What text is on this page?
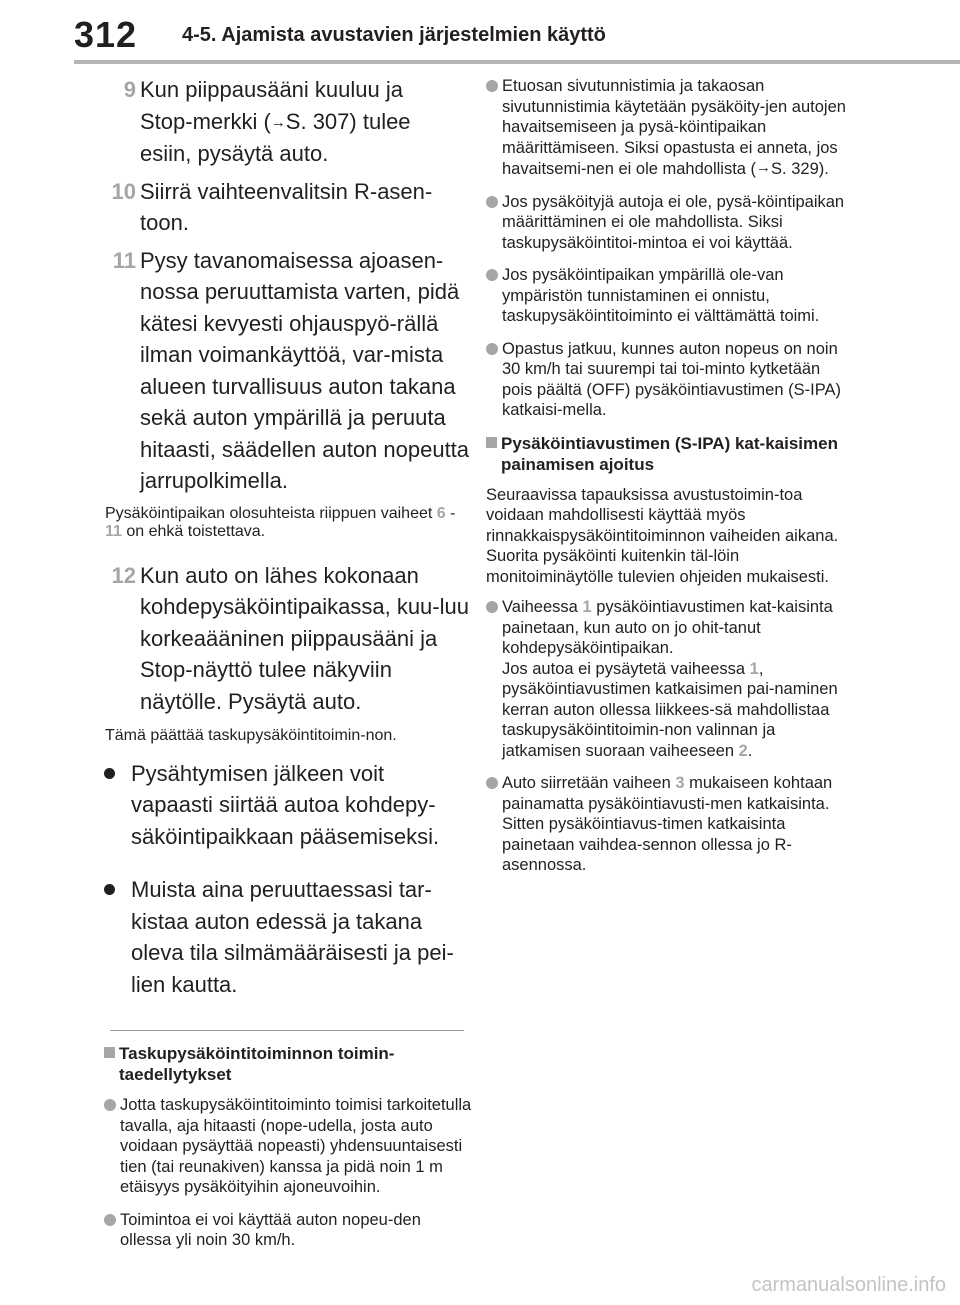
312 4-5. Ajamista avustavien järjestelmien käyttö
9 Kun piippausääni kuuluu ja
Stop-merkki (→S. 307) tulee
esiin, pysäytä auto.
10 Siirrä vaihteenvalitsin R-asen-toon.
11 Pysy tavanomaisessa ajoasen-nossa peruuttamista varten, pidä kätesi kevyesti ohjauspyö-rällä ilman voimankäyttöä, var-mista alueen turvallisuus auton takana sekä auton ympärillä ja peruuta hitaasti, säädellen auton nopeutta jarrupolkimella.
Pysäköintipaikan olosuhteista riippuen vaiheet 6 - 11 on ehkä toistettava.
12 Kun auto on lähes kokonaan kohdepysäköintipaikassa, kuu-luu korkeaääninen piippausääni ja Stop-näyttö tulee näkyviin näytölle. Pysäytä auto.
Tämä päättää taskupysäköintitoimin-non.
Pysähtymisen jälkeen voit vapaasti siirtää autoa kohdepy-säköintipaikkaan pääsemiseksi.
Muista aina peruuttaessasi tar-kistaa auton edessä ja takana oleva tila silmämääräisesti ja pei-lien kautta.
Taskupysäköintitoiminnon toimin-taedellytykset
Jotta taskupysäköintitoiminto toimisi tarkoitetulla tavalla, aja hitaasti (nope-udella, josta auto voidaan pysäyttää nopeasti) yhdensuuntaisesti tien (tai reunakiven) kanssa ja pidä noin 1 m etäisyys pysäköityihin ajoneuvoihin.
Toimintoa ei voi käyttää auton nopeu-den ollessa yli noin 30 km/h.
Etuosan sivutunnistimia ja takaosan sivutunnistimia käytetään pysäköity-jen autojen havaitsemiseen ja pysä-köintipaikan määrittämiseen. Siksi opastusta ei anneta, jos havaitsemi-nen ei ole mahdollista (→S. 329).
Jos pysäköityjä autoja ei ole, pysä-köintipaikan määrittäminen ei ole mahdollista. Siksi taskupysäköintitoi-mintoa ei voi käyttää.
Jos pysäköintipaikan ympärillä ole-van ympäristön tunnistaminen ei onnistu, taskupysäköintitoiminto ei välttämättä toimi.
Opastus jatkuu, kunnes auton nopeus on noin 30 km/h tai suurempi tai toi-minto kytketään pois päältä (OFF) pysäköintiavustimen (S-IPA) katkaisi-mella.
Pysäköintiavustimen (S-IPA) kat-kaisimen painamisen ajoitus
Seuraavissa tapauksissa avustustoimin-toa voidaan mahdollisesti käyttää myös rinnakkaispysäköintitoiminnon vaiheiden aikana. Suorita pysäköinti kuitenkin täl-löin monitoiminäytölle tulevien ohjeiden mukaisesti.
Vaiheessa 1 pysäköintiavustimen kat-kaisinta painetaan, kun auto on jo ohit-tanut kohdepysäköintipaikan.
Jos autoa ei pysäytetä vaiheessa 1, pysäköintiavustimen katkaisimen pai-naminen kerran auton ollessa liikkees-sä mahdollistaa taskupysäköintitoimin-non valinnan ja jatkamisen suoraan vaiheeseen 2.
Auto siirretään vaiheen 3 mukaiseen kohtaan painamatta pysäköintiavusti-men katkaisinta. Sitten pysäköintiavus-timen katkaisinta painetaan vaihdea-sennon ollessa jo R-asennossa.
carmanualsonline.info
